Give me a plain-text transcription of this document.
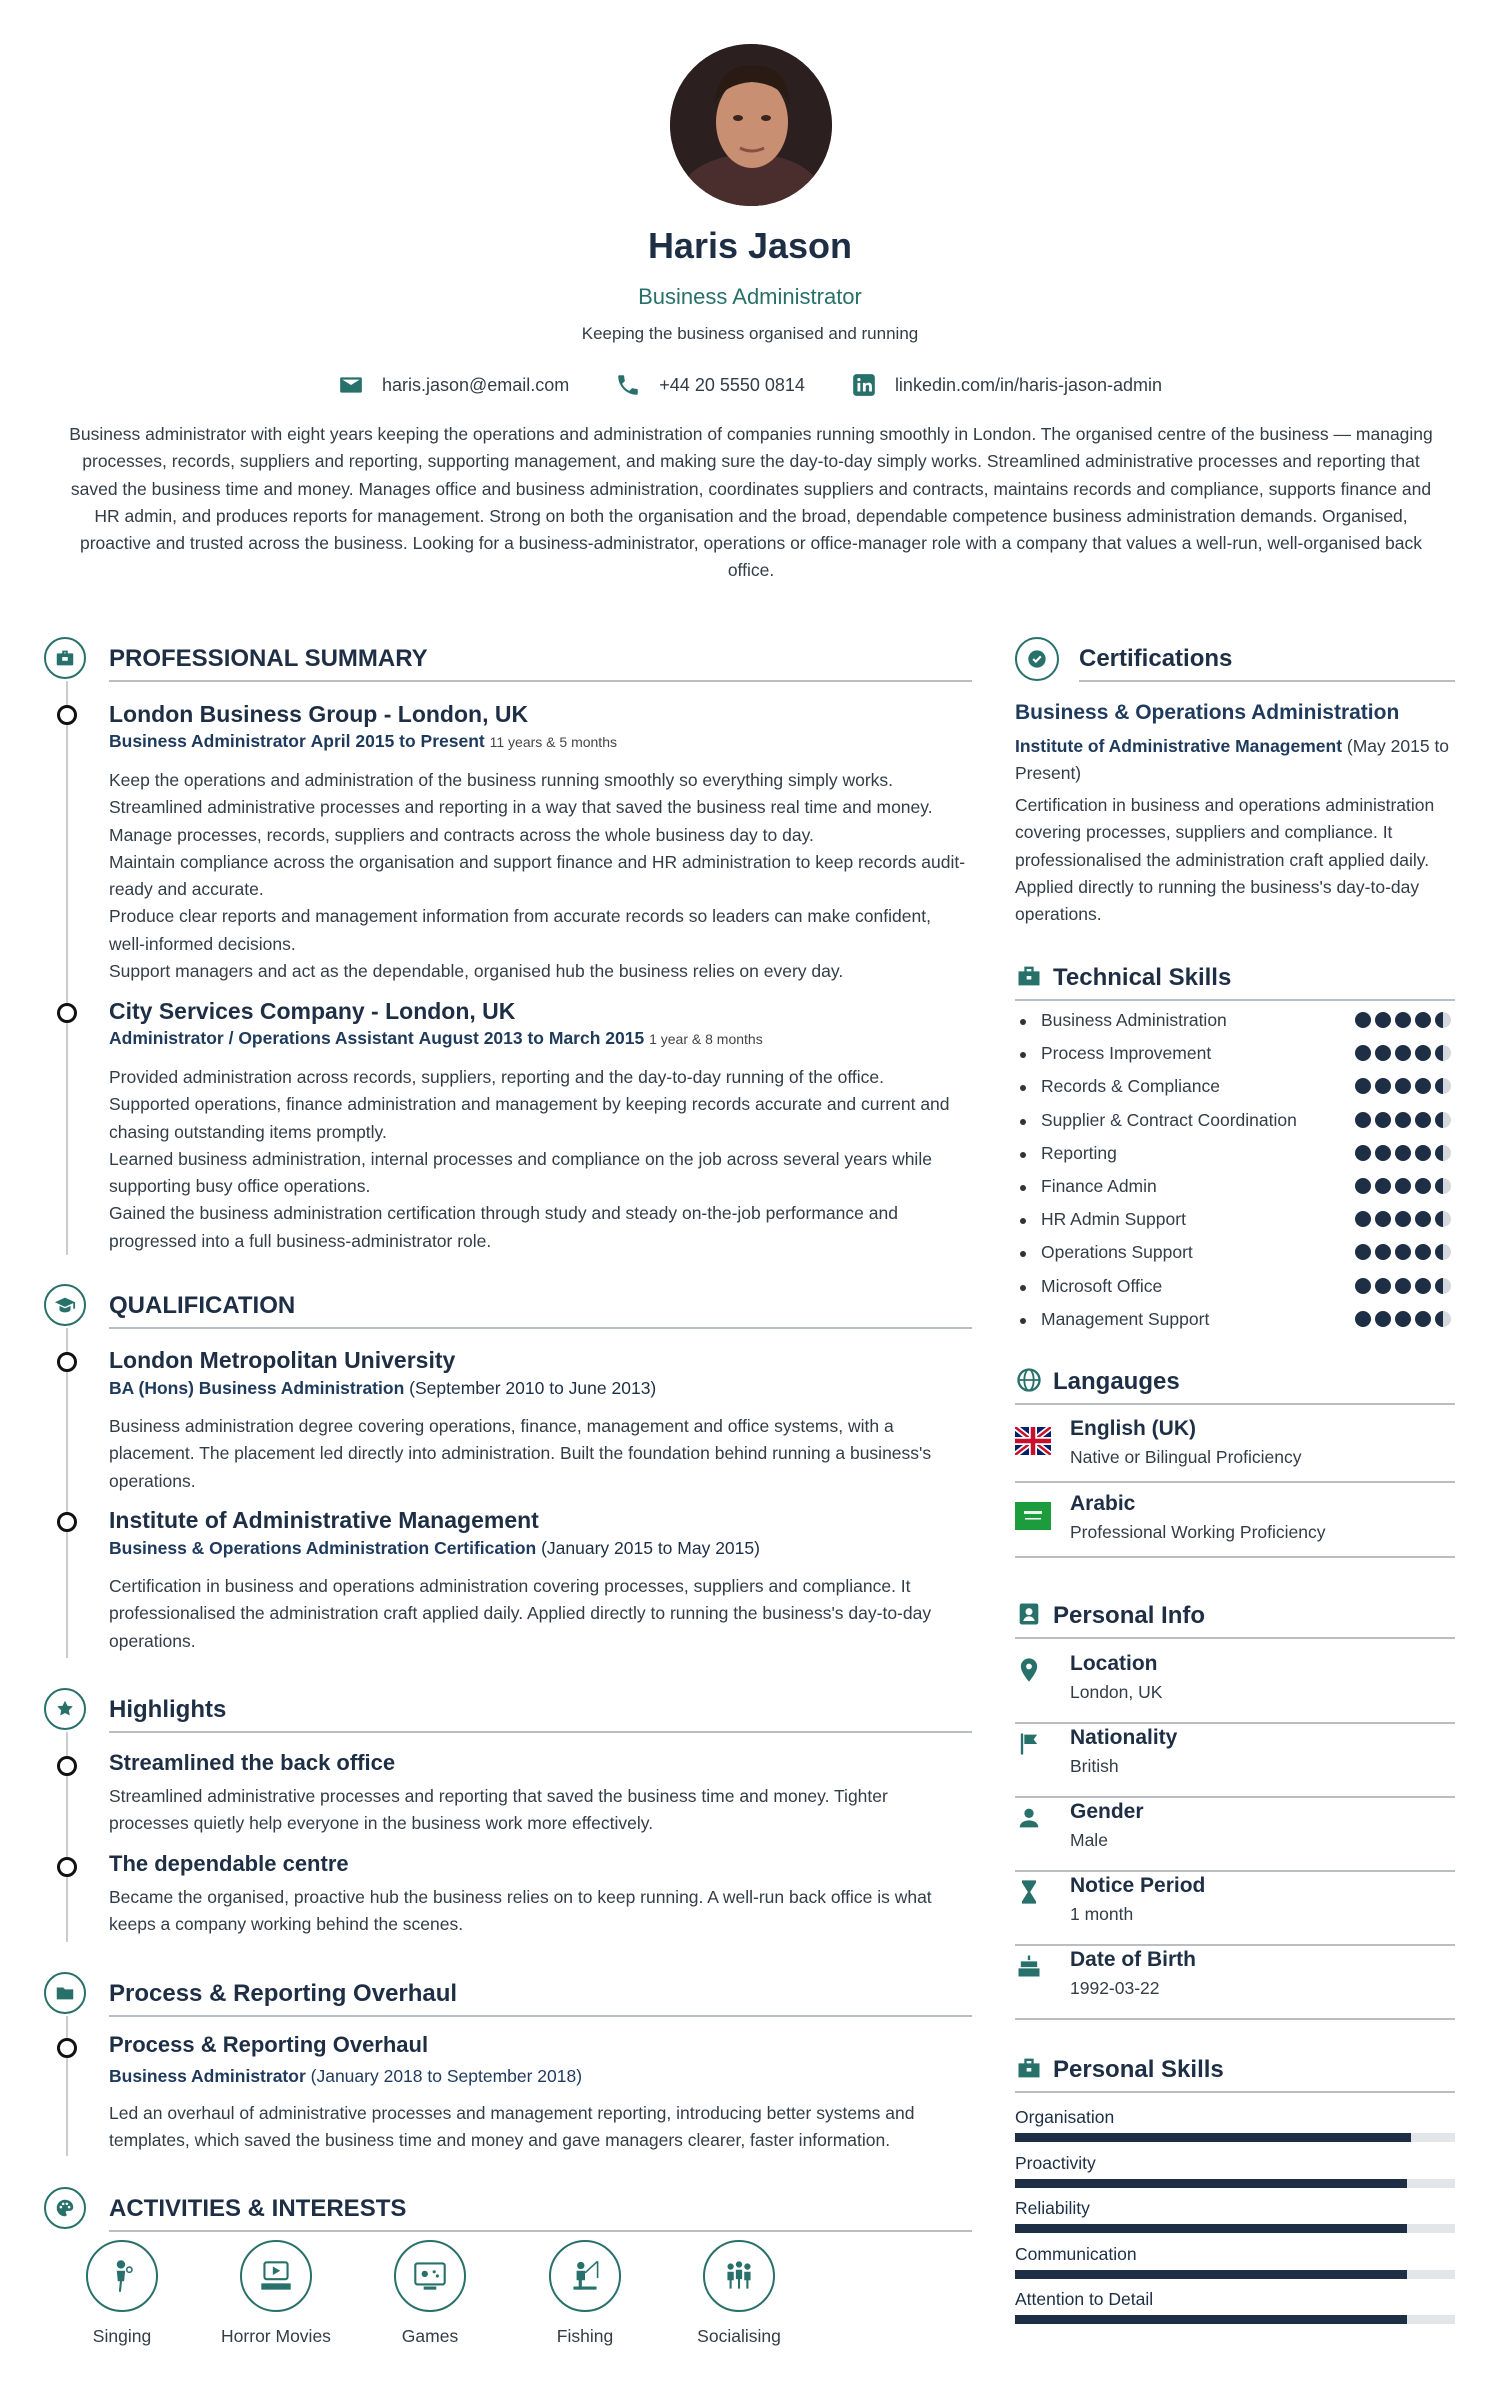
Haris Jason
Business Administrator
Keeping the business organised and running
haris.jason@email.com	+44 20 5550 0814	linkedin.com/in/haris-jason-admin
Business administrator with eight years keeping the operations and administration of companies running smoothly in London. The organised centre of the business — managing processes, records, suppliers and reporting, supporting management, and making sure the day-to-day simply works. Streamlined administrative processes and reporting that saved the business time and money. Manages office and business administration, coordinates suppliers and contracts, maintains records and compliance, supports finance and HR admin, and produces reports for management. Strong on both the organisation and the broad, dependable competence business administration demands. Organised, proactive and trusted across the business. Looking for a business-administrator, operations or office-manager role with a company that values a well-run, well-organised back office.
PROFESSIONAL SUMMARY
London Business Group - London, UK
Business Administrator April 2015 to Present 11 years & 5 months
Keep the operations and administration of the business running smoothly so everything simply works.
Streamlined administrative processes and reporting in a way that saved the business real time and money.
Manage processes, records, suppliers and contracts across the whole business day to day.
Maintain compliance across the organisation and support finance and HR administration to keep records audit-ready and accurate.
Produce clear reports and management information from accurate records so leaders can make confident, well-informed decisions.
Support managers and act as the dependable, organised hub the business relies on every day.
City Services Company - London, UK
Administrator / Operations Assistant August 2013 to March 2015 1 year & 8 months
Provided administration across records, suppliers, reporting and the day-to-day running of the office.
Supported operations, finance administration and management by keeping records accurate and current and chasing outstanding items promptly.
Learned business administration, internal processes and compliance on the job across several years while supporting busy office operations.
Gained the business administration certification through study and steady on-the-job performance and progressed into a full business-administrator role.
QUALIFICATION
London Metropolitan University
BA (Hons) Business Administration (September 2010 to June 2013)
Business administration degree covering operations, finance, management and office systems, with a placement. The placement led directly into administration. Built the foundation behind running a business's operations.
Institute of Administrative Management
Business & Operations Administration Certification (January 2015 to May 2015)
Certification in business and operations administration covering processes, suppliers and compliance. It professionalised the administration craft applied daily. Applied directly to running the business's day-to-day operations.
Highlights
Streamlined the back office
Streamlined administrative processes and reporting that saved the business time and money. Tighter processes quietly help everyone in the business work more effectively.
The dependable centre
Became the organised, proactive hub the business relies on to keep running. A well-run back office is what keeps a company working behind the scenes.
Process & Reporting Overhaul
Process & Reporting Overhaul
Business Administrator (January 2018 to September 2018)
Led an overhaul of administrative processes and management reporting, introducing better systems and templates, which saved the business time and money and gave managers clearer, faster information.
ACTIVITIES & INTERESTS
Singing	Horror Movies	Games	Fishing	Socialising
Certifications
Business & Operations Administration
Institute of Administrative Management (May 2015 to Present)
Certification in business and operations administration covering processes, suppliers and compliance. It professionalised the administration craft applied daily. Applied directly to running the business's day-to-day operations.
Technical Skills
Business Administration
Process Improvement
Records & Compliance
Supplier & Contract Coordination
Reporting
Finance Admin
HR Admin Support
Operations Support
Microsoft Office
Management Support
Langauges
English (UK)
Native or Bilingual Proficiency
Arabic
Professional Working Proficiency
Personal Info
Location
London, UK
Nationality
British
Gender
Male
Notice Period
1 month
Date of Birth
1992-03-22
Personal Skills
Organisation
Proactivity
Reliability
Communication
Attention to Detail
